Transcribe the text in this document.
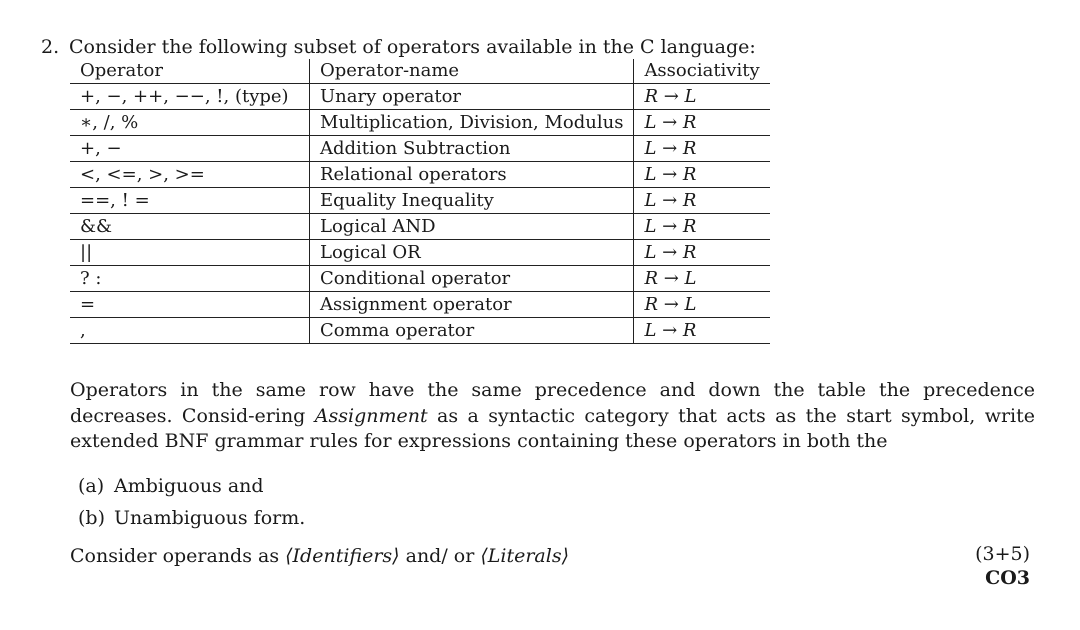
2. Consider the following subset of operators available in the C language:
Operator	Operator-name	Associativity
+, −, ++, −−, !, (type)	Unary operator	R → L
∗, /, %	Multiplication, Division, Modulus	L → R
+, −	Addition Subtraction	L → R
<, <=, >, >=	Relational operators	L → R
==, ! =	Equality Inequality	L → R
&&	Logical AND	L → R
||	Logical OR	L → R
? :	Conditional operator	R → L
=	Assignment operator	R → L
,	Comma operator	L → R
Operators in the same row have the same precedence and down the table the precedence decreases. Consid-ering Assignment as a syntactic category that acts as the start symbol, write extended BNF grammar rules for expressions containing these operators in both the
(a) Ambiguous and
(b) Unambiguous form.
Consider operands as ⟨Identifiers⟩ and/ or ⟨Literals⟩	(3+5)
CO3
